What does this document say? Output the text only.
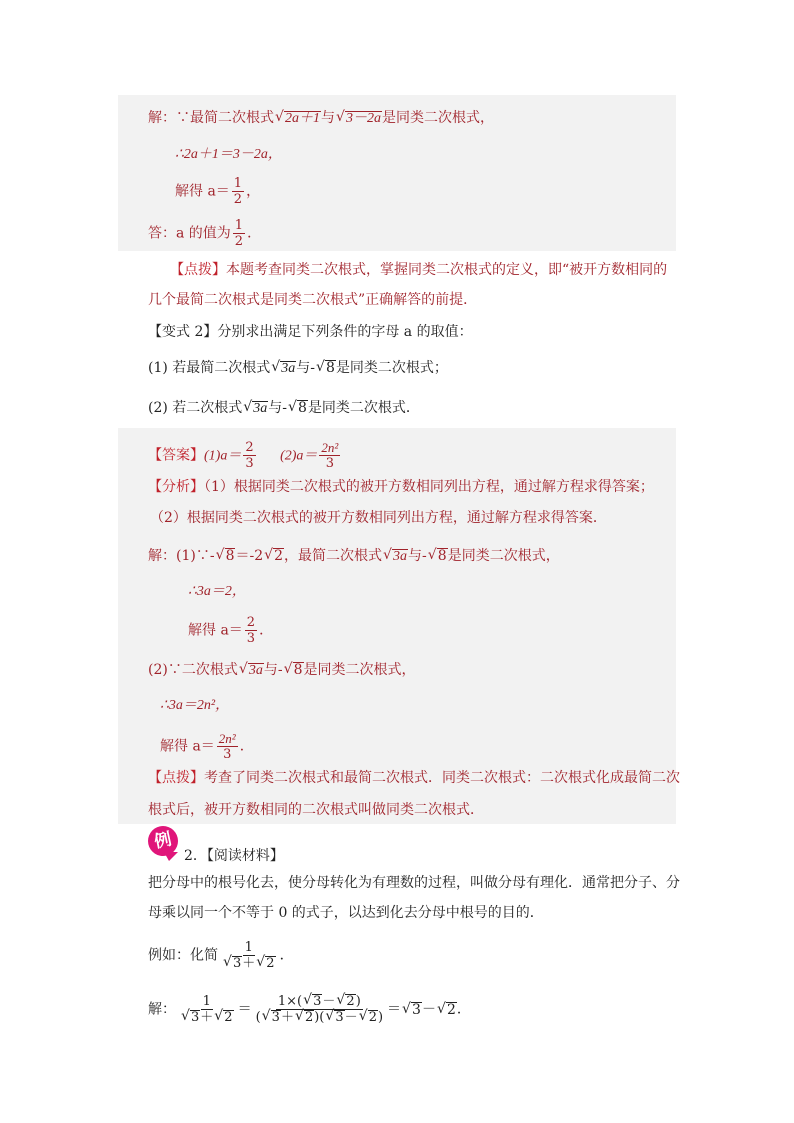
解：∵最简二次根式 √ 2a＋1与 √ 3－2a是同类二次根式，
∴2a＋1＝3－2a，
解得 $a= \frac{1}{2}$ ，
答：a 的值为 $\frac{1}{2}$ ．
【点拨】本题考查同类二次根式，掌握同类二次根式的定义，即“被开方数相同的
几个最简二次根式是同类二次根式”正确解答的前提．
【变式 2】分别求出满足下列条件的字母 a 的取值：
(1) 若最简二次根式 √ 3a与- √ 8是同类二次根式；
(2) 若二次根式 √ 3a与- √ 8是同类二次根式．
【答案】$(1)a= \frac{2}{3} (2)a= \frac{\text{2n²}}{3}$
【分析】（1）根据同类二次根式的被开方数相同列出方程，通过解方程求得答案；
（2）根据同类二次根式的被开方数相同列出方程，通过解方程求得答案．
解：(1)∵- √ 8＝-2 √ 2，最简二次根式 √ 3a与- √ 8是同类二次根式，
∴3a＝2，
解得 $a= \frac{2}{3}$ ．
(2)∵二次根式 √ 3a与- √ 8是同类二次根式，
∴3a＝2n²，
解得 $a= \frac{\text{2n²}}{3}$ ．
【点拨】考查了同类二次根式和最简二次根式．同类二次根式：二次根式化成最简二次
根式后，被开方数相同的二次根式叫做同类二次根式．
例
2．【阅读材料】
把分母中的根号化去，使分母转化为有理数的过程，叫做分母有理化．通常把分子、分
母乘以同一个不等于 0 的式子，以达到化去分母中根号的目的．
例如：化简 1
√ 3＋ √ 2 ．
解： 1
√ 3＋ √ $2 = \frac{1\times( √ 3- √ 2)}{( √ 3+ √ 2)( √ 3- √ 2)}$ ＝ √ 3－ √ 2．
